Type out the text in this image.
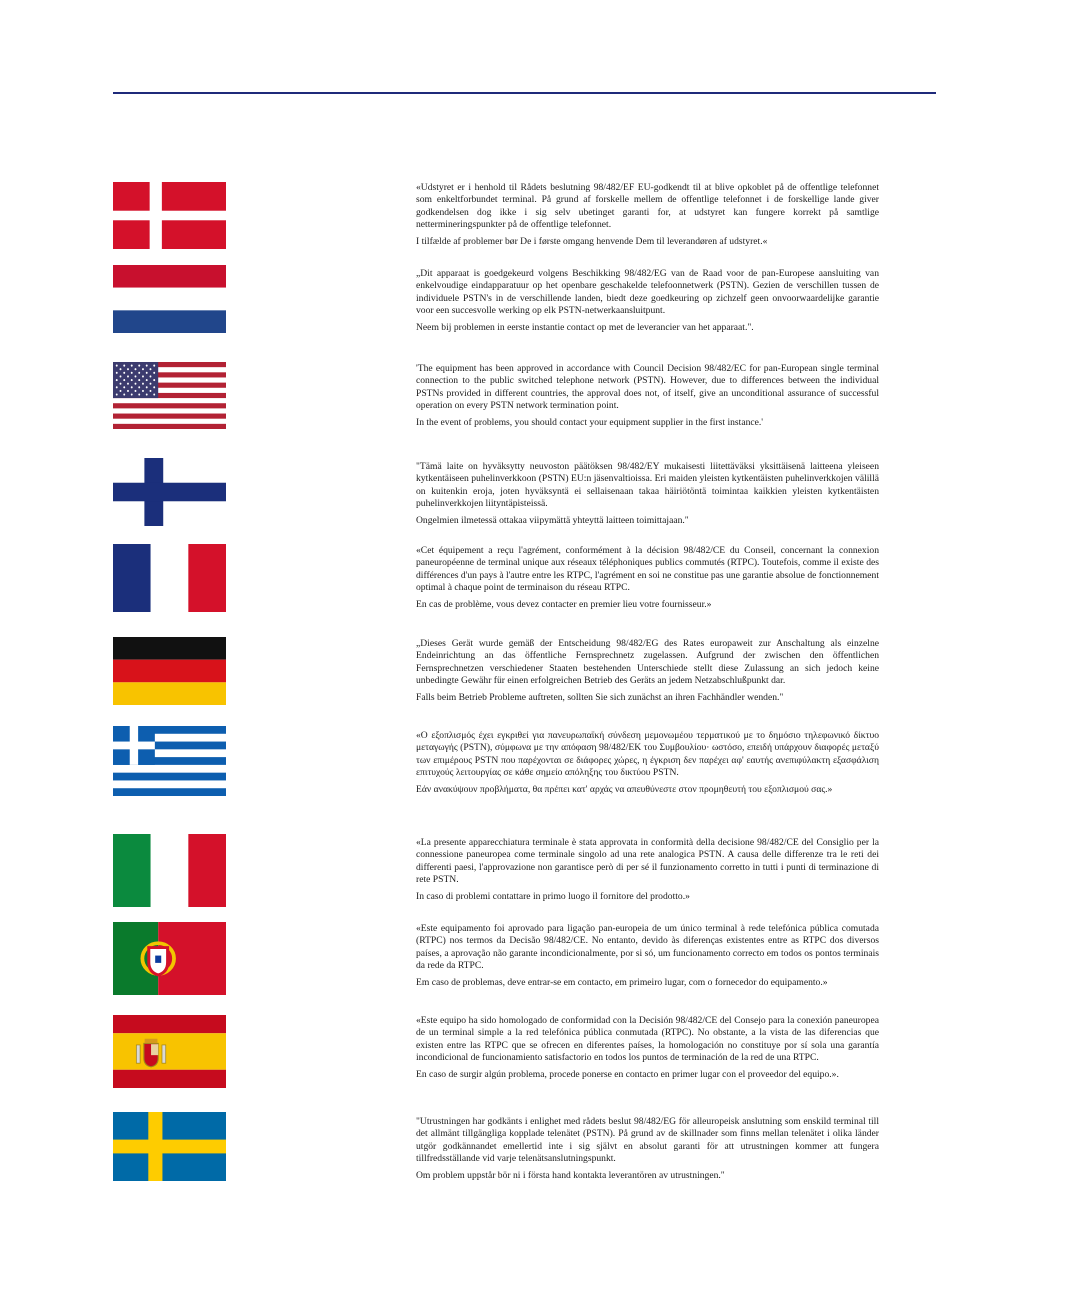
«Udstyret er i henhold til Rådets beslutning 98/482/EF EU-godkendt til at blive opkoblet på de offentlige telefonnet som enkeltforbundet terminal. På grund af forskelle mellem de offentlige telefonnet i de forskellige lande giver godkendelsen dog ikke i sig selv ubetinget garanti for, at udstyret kan fungere korrekt på samtlige nettermineringspunkter på de offentlige telefonnet.

I tilfælde af problemer bør De i første omgang henvende Dem til leverandøren af udstyret.«

„Dit apparaat is goedgekeurd volgens Beschikking 98/482/EG van de Raad voor de pan-Europese aansluiting van enkelvoudige eindapparatuur op het openbare geschakelde telefoonnetwerk (PSTN). Gezien de verschillen tussen de individuele PSTN's in de verschillende landen, biedt deze goedkeuring op zichzelf geen onvoorwaardelijke garantie voor een succesvolle werking op elk PSTN-netwerkaansluitpunt.

Neem bij problemen in eerste instantie contact op met de leverancier van het apparaat.".

'The equipment has been approved in accordance with Council Decision 98/482/EC for pan-European single terminal connection to the public switched telephone network (PSTN). However, due to differences between the individual PSTNs provided in different countries, the approval does not, of itself, give an unconditional assurance of successful operation on every PSTN network termination point.

In the event of problems, you should contact your equipment supplier in the first instance.'

"Tämä laite on hyväksytty neuvoston päätöksen 98/482/EY mukaisesti liitettäväksi yksittäisenä laitteena yleiseen kytkentäiseen puhelinverkkoon (PSTN) EU:n jäsenvaltioissa. Eri maiden yleisten kytkentäisten puhelinverkkojen välillä on kuitenkin eroja, joten hyväksyntä ei sellaisenaan takaa häiriötöntä toimintaa kaikkien yleisten kytkentäisten puhelinverkkojen liityntäpisteissä.

Ongelmien ilmetessä ottakaa viipymättä yhteyttä laitteen toimittajaan."

«Cet équipement a reçu l'agrément, conformément à la décision 98/482/CE du Conseil, concernant la connexion paneuropéenne de terminal unique aux réseaux téléphoniques publics commutés (RTPC). Toutefois, comme il existe des différences d'un pays à l'autre entre les RTPC, l'agrément en soi ne constitue pas une garantie absolue de fonctionnement optimal à chaque point de terminaison du réseau RTPC.

En cas de problème, vous devez contacter en premier lieu votre fournisseur.»

„Dieses Gerät wurde gemäß der Entscheidung 98/482/EG des Rates europaweit zur Anschaltung als einzelne Endeinrichtung an das öffentliche Fernsprechnetz zugelassen. Aufgrund der zwischen den öffentlichen Fernsprechnetzen verschiedener Staaten bestehenden Unterschiede stellt diese Zulassung an sich jedoch keine unbedingte Gewähr für einen erfolgreichen Betrieb des Geräts an jedem Netzabschlußpunkt dar.

Falls beim Betrieb Probleme auftreten, sollten Sie sich zunächst an ihren Fachhändler wenden."

«Ο εξοπλισμός έχει εγκριθεί για πανευρωπαϊκή σύνδεση μεμονωμέου τερματικού με το δημόσιο τηλεφωνικό δίκτυο μεταγωγής (PSTN), σύμφωνα με την απόφαση 98/482/ΕΚ του Συμβουλίου· ωστόσο, επειδή υπάρχουν διαφορές μεταξύ των επιμέρους PSTN που παρέχονται σε διάφορες χώρες, η έγκριση δεν παρέχει αφ' εαυτής ανεπιφύλακτη εξασφάλιση επιτυχούς λειτουργίας σε κάθε σημείο απόληξης του δικτύου PSTN.

Εάν ανακύψουν προβλήματα, θα πρέπει κατ' αρχάς να απευθύνεστε στον προμηθευτή του εξοπλισμού σας.»

«La presente apparecchiatura terminale è stata approvata in conformità della decisione 98/482/CE del Consiglio per la connessione paneuropea come terminale singolo ad una rete analogica PSTN. A causa delle differenze tra le reti dei differenti paesi, l'approvazione non garantisce però di per sé il funzionamento corretto in tutti i punti di terminazione di rete PSTN.

In caso di problemi contattare in primo luogo il fornitore del prodotto.»

«Este equipamento foi aprovado para ligação pan-europeia de um único terminal à rede telefónica pública comutada (RTPC) nos termos da Decisão 98/482/CE. No entanto, devido às diferenças existentes entre as RTPC dos diversos países, a aprovação não garante incondicionalmente, por si só, um funcionamento correcto em todos os pontos terminais da rede da RTPC.

Em caso de problemas, deve entrar-se em contacto, em primeiro lugar, com o fornecedor do equipamento.»

«Este equipo ha sido homologado de conformidad con la Decisión 98/482/CE del Consejo para la conexión paneuropea de un terminal simple a la red telefónica pública conmutada (RTPC). No obstante, a la vista de las diferencias que existen entre las RTPC que se ofrecen en diferentes países, la homologación no constituye por sí sola una garantía incondicional de funcionamiento satisfactorio en todos los puntos de terminación de la red de una RTPC.

En caso de surgir algún problema, procede ponerse en contacto en primer lugar con el proveedor del equipo.».

"Utrustningen har godkänts i enlighet med rådets beslut 98/482/EG för alleuropeisk anslutning som enskild terminal till det allmänt tillgängliga kopplade telenätet (PSTN). På grund av de skillnader som finns mellan telenätet i olika länder utgör godkännandet emellertid inte i sig självt en absolut garanti för att utrustningen kommer att fungera tillfredsställande vid varje telenätsanslutningspunkt.

Om problem uppstår bör ni i första hand kontakta leverantören av utrustningen."
